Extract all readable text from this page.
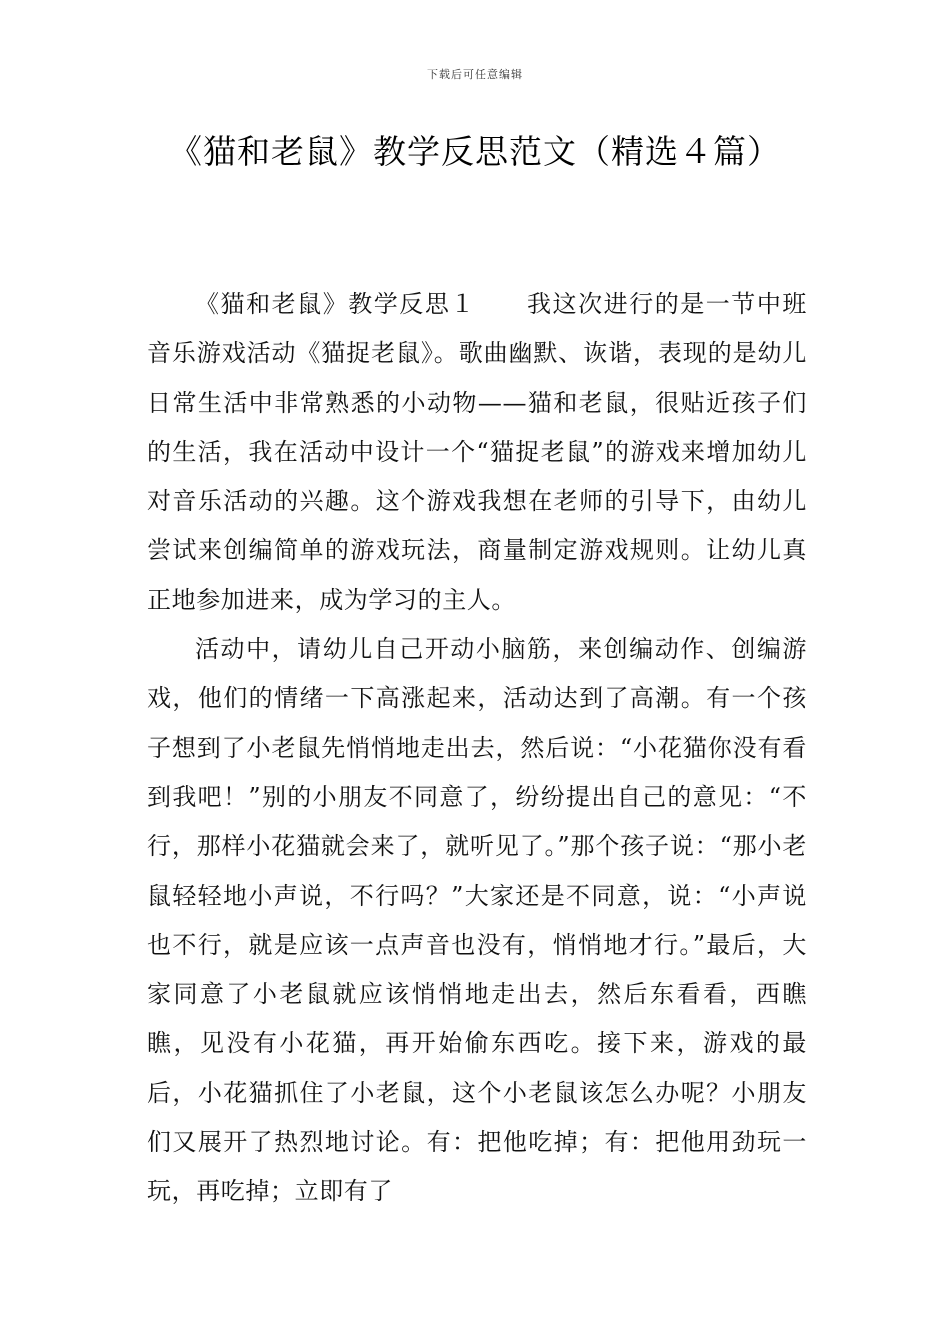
下载后可任意编辑
《猫和老鼠》教学反思范文（精选４篇）

《猫和老鼠》教学反思１　　 我这次进行的是一节中班音乐游戏活动《猫捉老鼠》。歌曲幽默、诙谐，表现的是幼儿日常生活中非常熟悉的小动物——猫和老鼠，很贴近孩子们的生活，我在活动中设计一个“猫捉老鼠”的游戏来增加幼儿对音乐活动的兴趣。这个游戏我想在老师的引导下，由幼儿尝试来创编简单的游戏玩法，商量制定游戏规则。让幼儿真正地参加进来，成为学习的主人。

活动中，请幼儿自己开动小脑筋，来创编动作、创编游戏，他们的情绪一下高涨起来，活动达到了高潮。有一个孩子想到了小老鼠先悄悄地走出去，然后说：“小花猫你没有看到我吧！”别的小朋友不同意了，纷纷提出自己的意见：“不行，那样小花猫就会来了，就听见了。”那个孩子说：“那小老鼠轻轻地小声说，不行吗？”大家还是不同意，说：“小声说也不行，就是应该一点声音也没有，悄悄地才行。”最后，大家同意了小老鼠就应该悄悄地走出去，然后东看看，西瞧瞧，见没有小花猫，再开始偷东西吃。接下来，游戏的最后，小花猫抓住了小老鼠，这个小老鼠该怎么办呢？小朋友们又展开了热烈地讨论。有：把他吃掉；有：把他用劲玩一玩，再吃掉；立即有了
